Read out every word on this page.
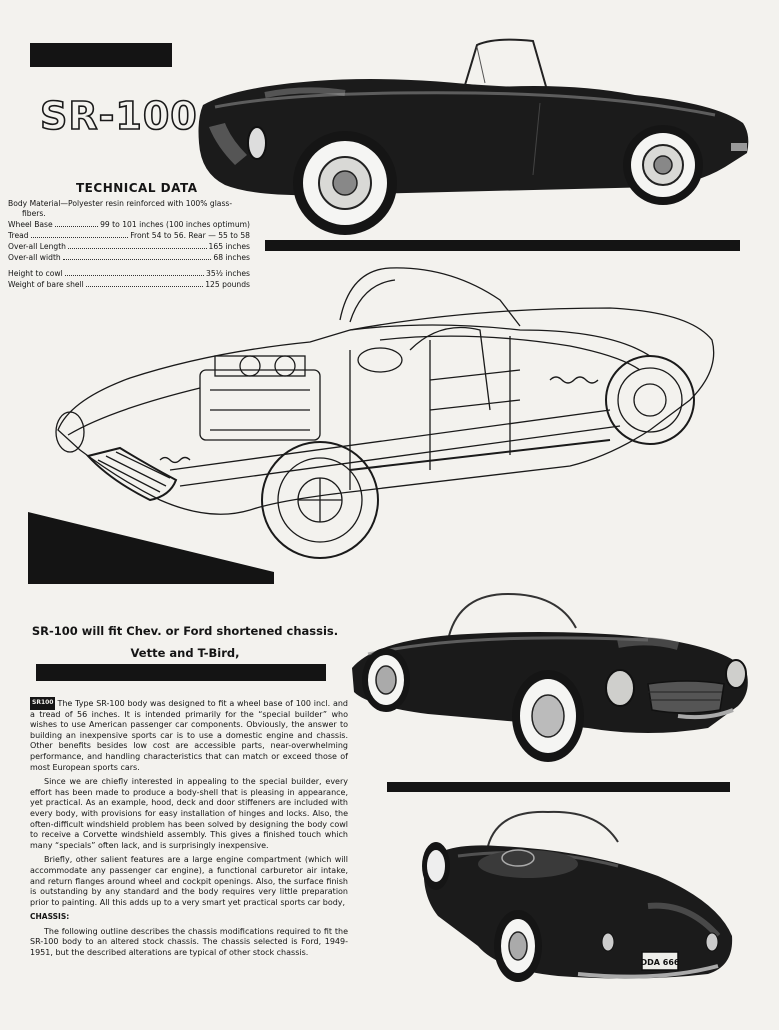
SR-100
TECHNICAL DATA
Body Material—Polyester resin reinforced with 100% glass-
fibers.
Wheel Base	99 to 101 inches (100 inches optimum)
Tread	Front 54 to 56. Rear — 55 to 58
Over-all Length	165 inches
Over-all width	68 inches
Height to cowl	35½ inches
Weight of bare shell	125 pounds
SR-100 will fit Chev. or Ford shortened chassis.
Vette and T-Bird,
DDA 666

SR100 The Type SR-100 body was designed to fit a wheel base of 100 incl. and a tread of 56 inches. It is intended primarily for the “special builder” who wishes to use American passenger car components. Obviously, the answer to building an inexpensive sports car is to use a domestic engine and chassis. Other benefits besides low cost are accessible parts, near-overwhelming performance, and handling characteristics that can match or exceed those of most European sports cars.

Since we are chiefly interested in appealing to the special builder, every effort has been made to produce a body-shell that is pleasing in appearance, yet practical. As an example, hood, deck and door stiffeners are included with every body, with provisions for easy installation of hinges and locks. Also, the often-difficult windshield problem has been solved by designing the body cowl to receive a Corvette windshield assembly. This gives a finished touch which many “specials” often lack, and is surprisingly inexpensive.

Briefly, other salient features are a large engine compartment (which will accommodate any passenger car engine), a functional carburetor air intake, and return flanges around wheel and cockpit openings. Also, the surface finish is outstanding by any standard and the body requires very little preparation prior to painting. All this adds up to a very smart yet practical sports car body,

CHASSIS:

The following outline describes the chassis modifications required to fit the SR-100 body to an altered stock chassis. The chassis selected is Ford, 1949-1951, but the described alterations are typical of other stock chassis.
